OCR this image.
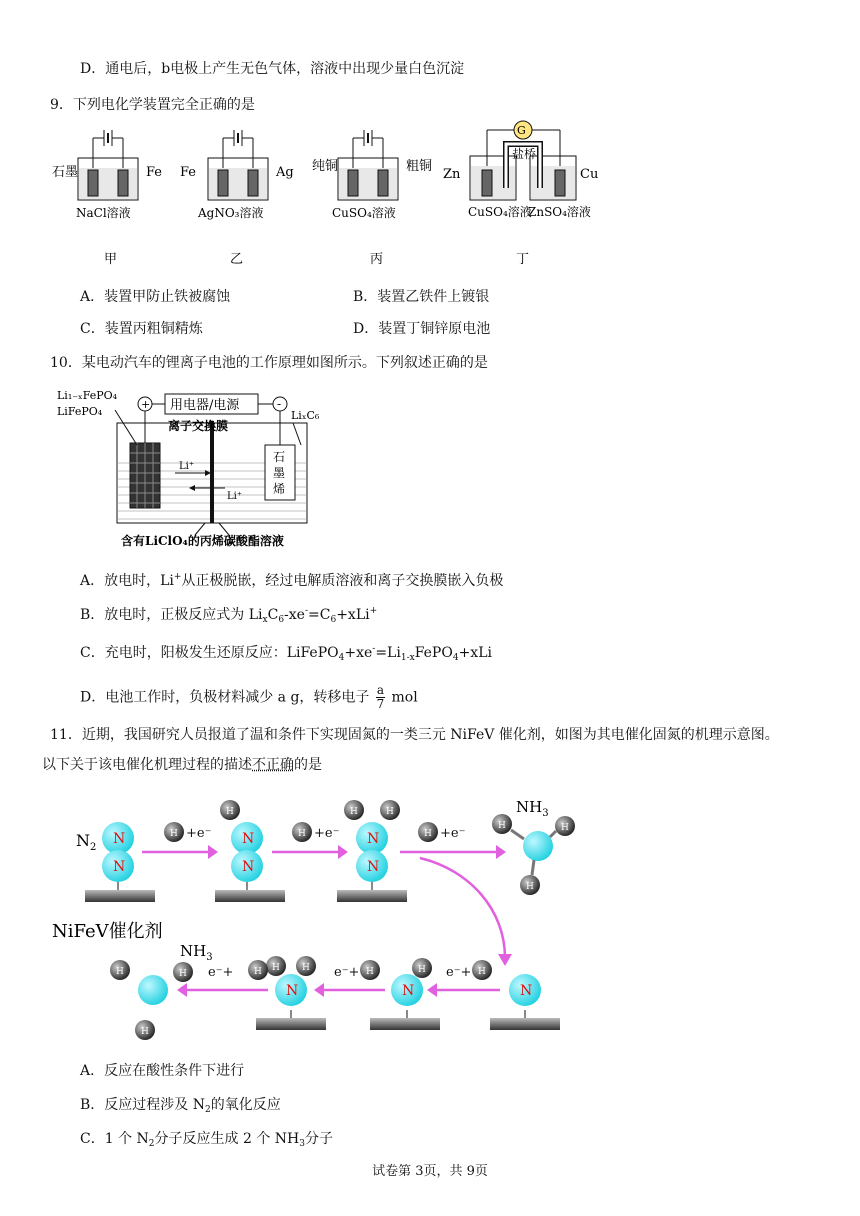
D．通电后，b电极上产生无色气体，溶液中出现少量白色沉淀
9．下列电化学装置完全正确的是
石墨	Fe
NaCl溶液
甲
Fe	Ag
AgNO₃溶液
乙
纯铜	粗铜
CuSO₄溶液
丙
Zn	Cu
G
盐桥
CuSO₄溶液
ZnSO₄溶液
丁
A．装置甲防止铁被腐蚀	B．装置乙铁件上镀银
C．装置丙粗铜精炼	D．装置丁铜锌原电池
10．某电动汽车的锂离子电池的工作原理如图所示。下列叙述正确的是
Li₁₋ₓFePO₄
LiFePO₄
+	-
用电器/电源
离子交换膜
LiₓC₆
石
墨
烯
Li⁺
Li⁺
含有LiClO₄的丙烯碳酸酯溶液
A．放电时，Li+从正极脱嵌，经过电解质溶液和离子交换膜嵌入负极
B．放电时，正极反应式为 $Li_xC_6-xe^-=C_6+xLi^+$
C．充电时，阳极发生还原反应：$LiFePO_4+xe^-=Li_{1-x}FePO_4+xLi$
D．电池工作时，负极材料减少 a g，转移电子 $\frac{a}{7}$ mol
11．近期，我国研究人员报道了温和条件下实现固氮的一类三元 NiFeV 催化剂，如图为其电催化固氮的机理示意图。
以下关于该电催化机理过程的描述不正确的是
N
N
N
N
N
N
N
N
N
H	H	H
H	H
H
H	H	H
H
H H
H	H
H
H
H
H
+e⁻	+e⁻	+e⁻
e⁻+
e⁻+
e⁻+
$N_2$
$NH_3$
$NH_3$
NiFeV催化剂
A．反应在酸性条件下进行
B．反应过程涉及 $N_2$的氧化反应
C．1 个 $N_2$分子反应生成 2 个 $NH_3$分子
试卷第 3页，共 9页
